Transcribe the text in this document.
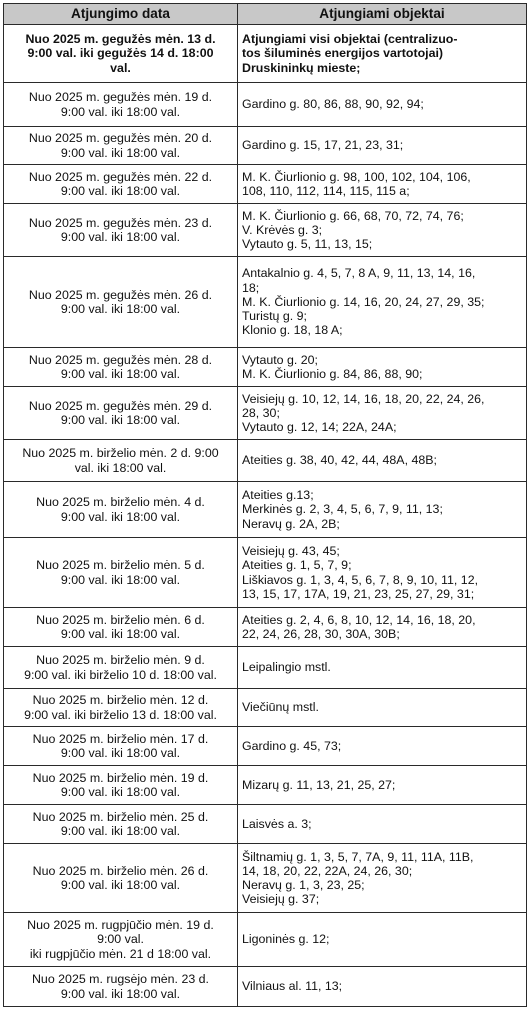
Atjungimo data	Atjungiami objektai

Nuo 2025 m. gegužės mėn. 13 d.
9:00 val. iki gegužės 14 d. 18:00
val.	Atjungiami visi objektai (centralizuo-
tos šiluminės energijos vartotojai)
Druskininkų mieste;

Nuo 2025 m. gegužės mėn. 19 d.
9:00 val. iki 18:00 val.	Gardino g. 80, 86, 88, 90, 92, 94;

Nuo 2025 m. gegužės mėn. 20 d.
9:00 val. iki 18:00 val.	Gardino g. 15, 17, 21, 23, 31;

Nuo 2025 m. gegužės mėn. 22 d.
9:00 val. iki 18:00 val.	M. K. Čiurlionio g. 98, 100, 102, 104, 106,
108, 110, 112, 114, 115, 115 a;

Nuo 2025 m. gegužės mėn. 23 d.
9:00 val. iki 18:00 val.	M. K. Čiurlionio g. 66, 68, 70, 72, 74, 76;
V. Krėvės g. 3;
Vytauto g. 5, 11, 13, 15;

Nuo 2025 m. gegužės mėn. 26 d.
9:00 val. iki 18:00 val.	Antakalnio g. 4, 5, 7, 8 A, 9, 11, 13, 14, 16,
18;
M. K. Čiurlionio g. 14, 16, 20, 24, 27, 29, 35;
Turistų g. 9;
Klonio g. 18, 18 A;

Nuo 2025 m. gegužės mėn. 28 d.
9:00 val. iki 18:00 val.	Vytauto g. 20;
M. K. Čiurlionio g. 84, 86, 88, 90;

Nuo 2025 m. gegužės mėn. 29 d.
9:00 val. iki 18:00 val.	Veisiejų g. 10, 12, 14, 16, 18, 20, 22, 24, 26,
28, 30;
Vytauto g. 12, 14; 22A, 24A;

Nuo 2025 m. birželio mėn. 2 d. 9:00
val. iki 18:00 val.	Ateities g. 38, 40, 42, 44, 48A, 48B;

Nuo 2025 m. birželio mėn. 4 d.
9:00 val. iki 18:00 val.	Ateities g.13;
Merkinės g. 2, 3, 4, 5, 6, 7, 9, 11, 13;
Neravų g. 2A, 2B;

Nuo 2025 m. birželio mėn. 5 d.
9:00 val. iki 18:00 val.	Veisiejų g. 43, 45;
Ateities g. 1, 5, 7, 9;
Liškiavos g. 1, 3, 4, 5, 6, 7, 8, 9, 10, 11, 12,
13, 15, 17, 17A, 19, 21, 23, 25, 27, 29, 31;

Nuo 2025 m. birželio mėn. 6 d.
9:00 val. iki 18:00 val.	Ateities g. 2, 4, 6, 8, 10, 12, 14, 16, 18, 20,
22, 24, 26, 28, 30, 30A, 30B;

Nuo 2025 m. birželio mėn. 9 d.
9:00 val. iki birželio 10 d. 18:00 val.	Leipalingio mstl.

Nuo 2025 m. birželio mėn. 12 d.
9:00 val. iki birželio 13 d. 18:00 val.	Viečiūnų mstl.

Nuo 2025 m. birželio mėn. 17 d.
9:00 val. iki 18:00 val.	Gardino g. 45, 73;

Nuo 2025 m. birželio mėn. 19 d.
9:00 val. iki 18:00 val.	Mizarų g. 11, 13, 21, 25, 27;

Nuo 2025 m. birželio mėn. 25 d.
9:00 val. iki 18:00 val.	Laisvės a. 3;

Nuo 2025 m. birželio mėn. 26 d.
9:00 val. iki 18:00 val.	Šiltnamių g. 1, 3, 5, 7, 7A, 9, 11, 11A, 11B,
14, 18, 20, 22, 22A, 24, 26, 30;
Neravų g. 1, 3, 23, 25;
Veisiejų g. 37;

Nuo 2025 m. rugpjūčio mėn. 19 d.
9:00 val.
iki rugpjūčio mėn. 21 d 18:00 val.	Ligoninės g. 12;

Nuo 2025 m. rugsėjo mėn. 23 d.
9:00 val. iki 18:00 val.	Vilniaus al. 11, 13;
